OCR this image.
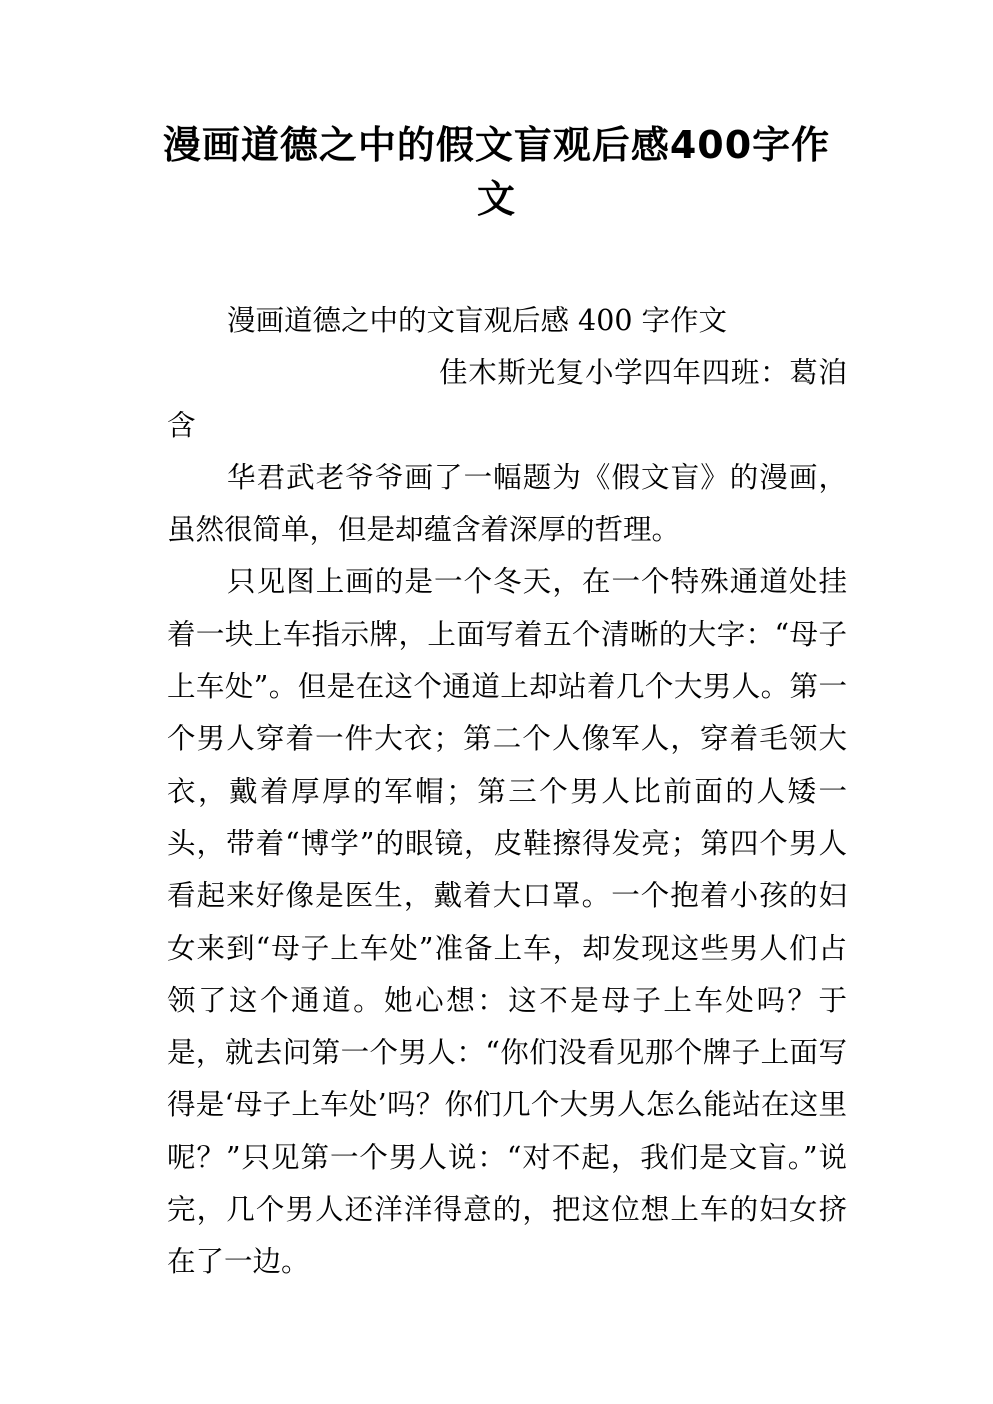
漫画道德之中的假文盲观后感400字作文

漫画道德之中的文盲观后感 400 字作文

佳木斯光复小学四年四班：葛洎含

华君武老爷爷画了一幅题为《假文盲》的漫画，虽然很简单，但是却蕴含着深厚的哲理。

只见图上画的是一个冬天，在一个特殊通道处挂着一块上车指示牌，上面写着五个清晰的大字：“母子上车处”。但是在这个通道上却站着几个大男人。第一个男人穿着一件大衣；第二个人像军人，穿着毛领大衣，戴着厚厚的军帽；第三个男人比前面的人矮一头，带着“博学”的眼镜，皮鞋擦得发亮；第四个男人看起来好像是医生，戴着大口罩。一个抱着小孩的妇女来到“母子上车处”准备上车，却发现这些男人们占领了这个通道。她心想：这不是母子上车处吗？于是，就去问第一个男人：“你们没看见那个牌子上面写得是‘母子上车处’吗？你们几个大男人怎么能站在这里呢？”只见第一个男人说：“对不起，我们是文盲。”说完，几个男人还洋洋得意的，把这位想上车的妇女挤在了一边。
